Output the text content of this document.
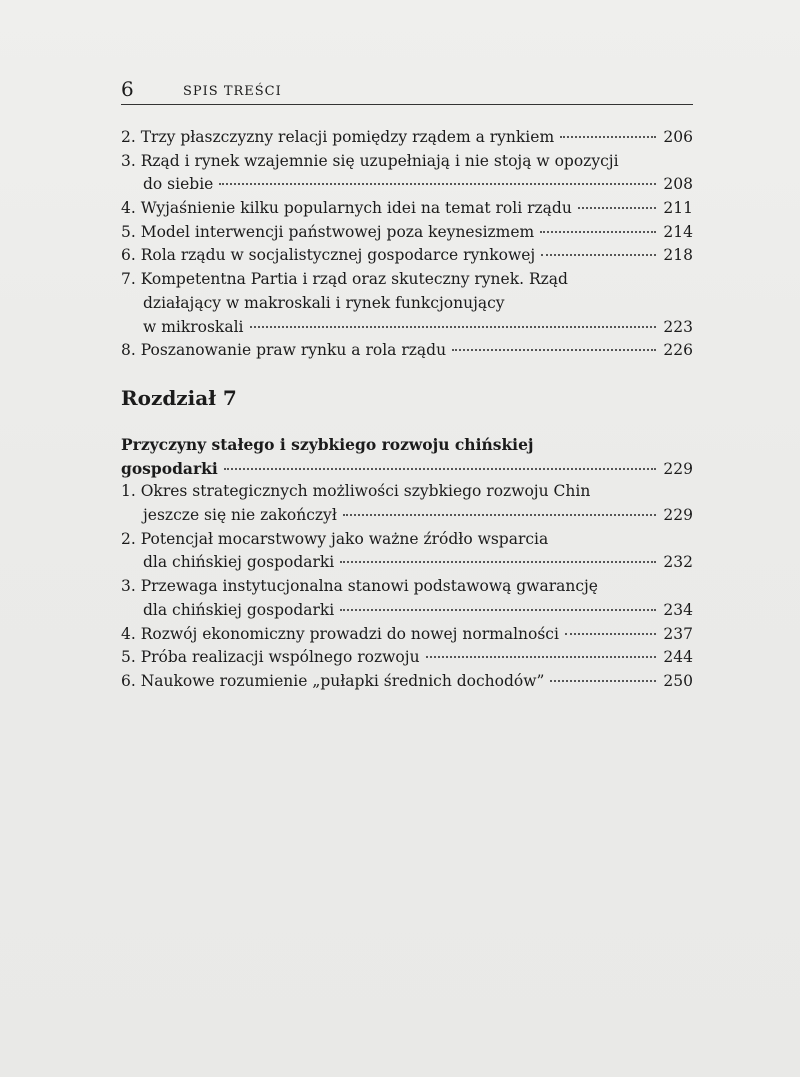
6	SPIS TREŚCI
2. Trzy płaszczyzny relacji pomiędzy rządem a rynkiem	206
3. Rząd i rynek wzajemnie się uzupełniają i nie stoją w opozycji
do siebie	208
4. Wyjaśnienie kilku popularnych idei na temat roli rządu	211
5. Model interwencji państwowej poza keynesizmem	214
6. Rola rządu w socjalistycznej gospodarce rynkowej	218
7. Kompetentna Partia i rząd oraz skuteczny rynek. Rząd
działający w makroskali i rynek funkcjonujący
w mikroskali	223
8. Poszanowanie praw rynku a rola rządu	226
Rozdział 7
Przyczyny stałego i szybkiego rozwoju chińskiej
gospodarki	229
1. Okres strategicznych możliwości szybkiego rozwoju Chin
jeszcze się nie zakończył	229
2. Potencjał mocarstwowy jako ważne źródło wsparcia
dla chińskiej gospodarki	232
3. Przewaga instytucjonalna stanowi podstawową gwarancję
dla chińskiej gospodarki	234
4. Rozwój ekonomiczny prowadzi do nowej normalności	237
5. Próba realizacji wspólnego rozwoju	244
6. Naukowe rozumienie „pułapki średnich dochodów”	250
